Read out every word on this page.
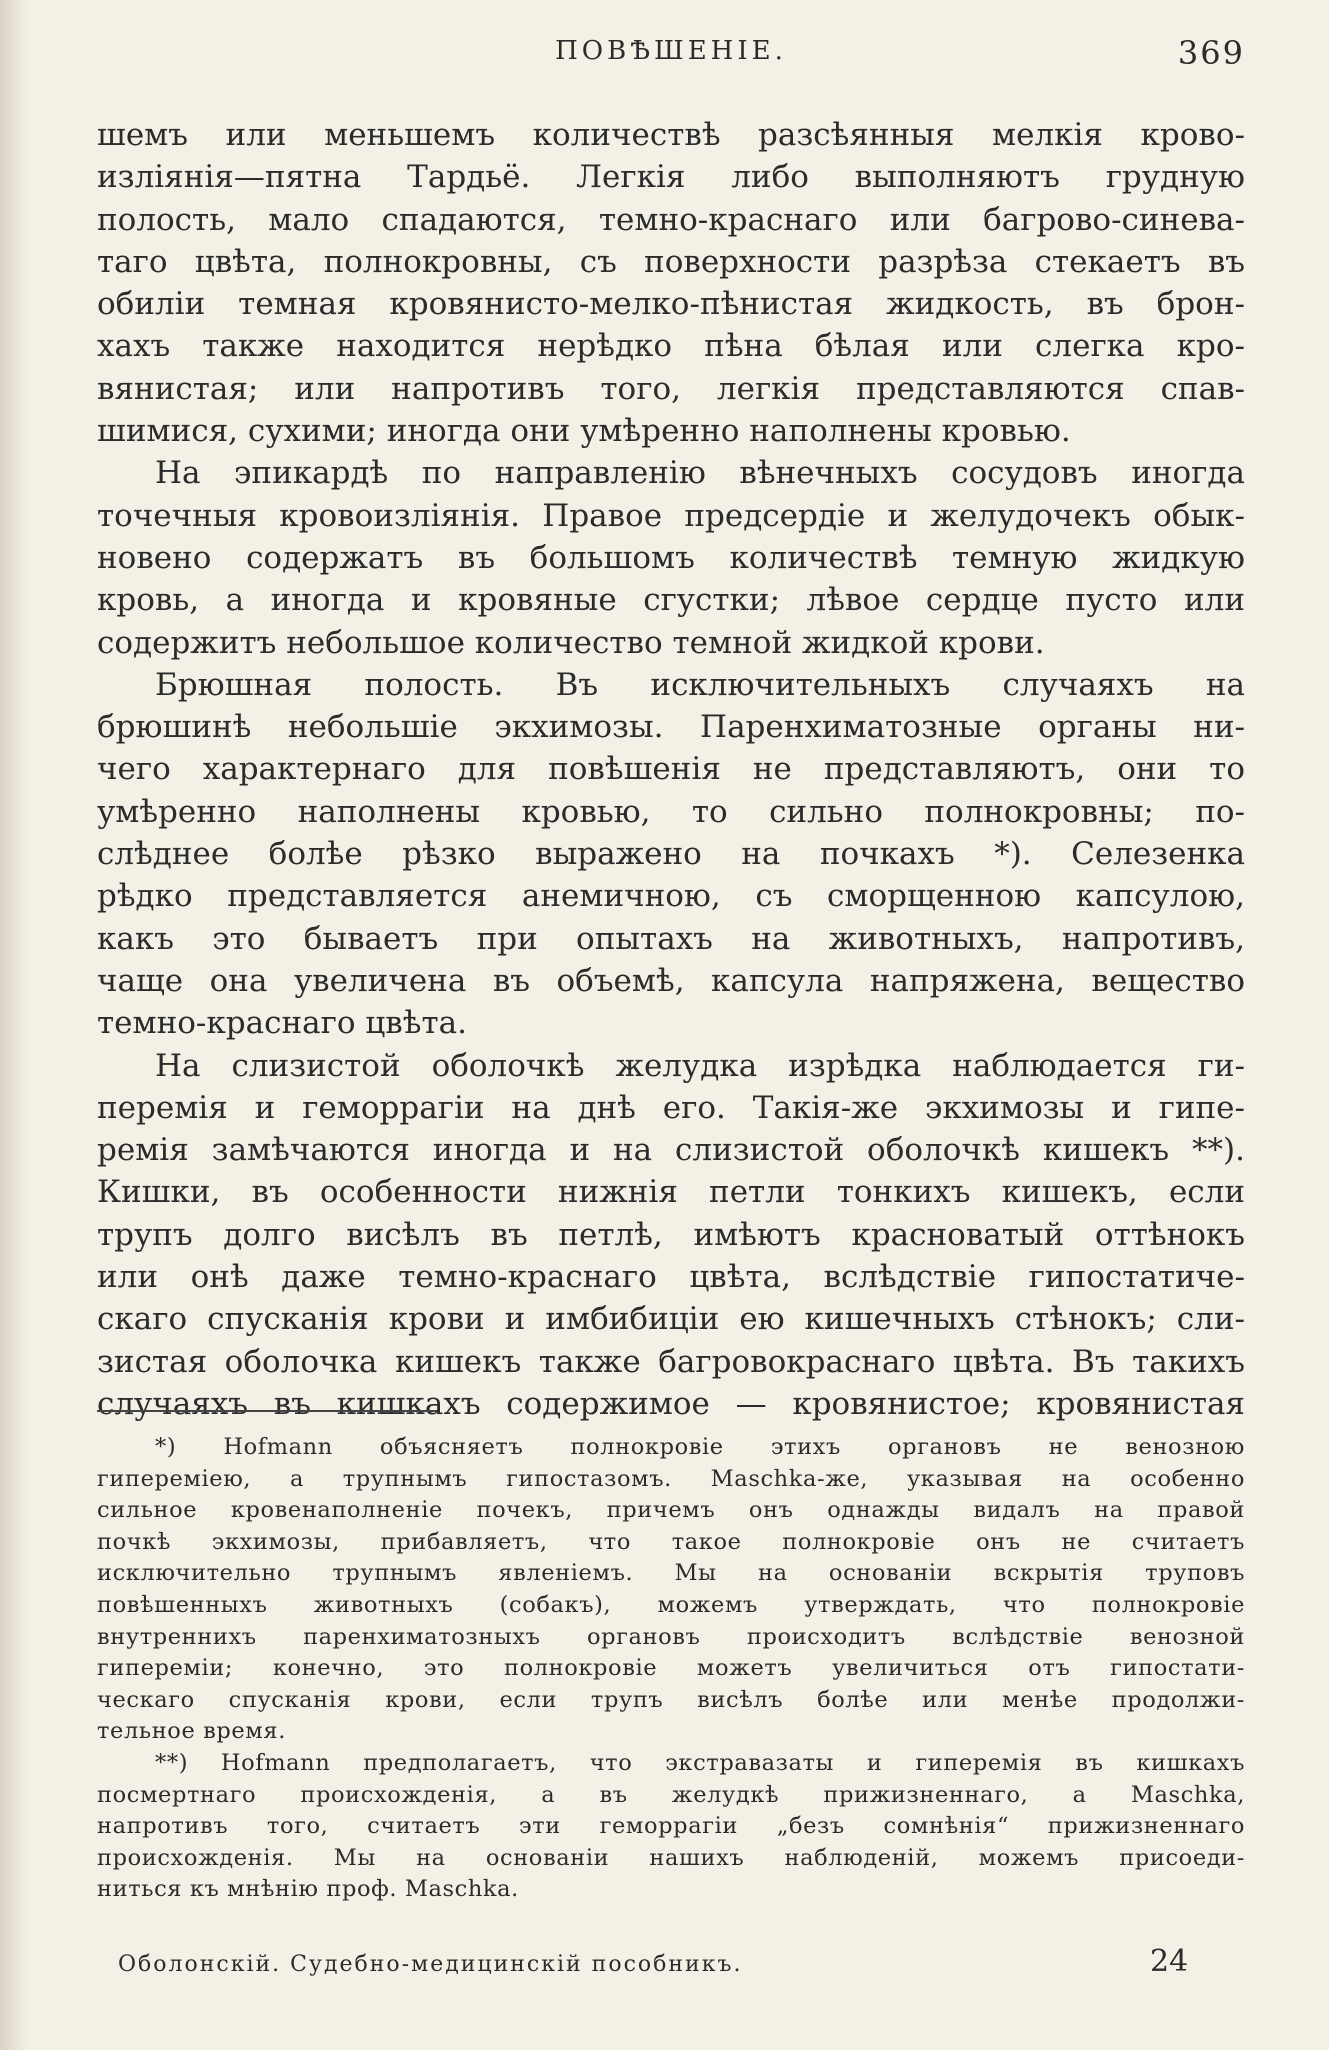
ПОВѢШЕНІЕ.	369
шемъ или меньшемъ количествѣ разсѣянныя мелкія крово-
изліянія—пятна Тардьё. Легкія либо выполняютъ грудную
полость, мало спадаются, темно-краснаго или багрово-синева-
таго цвѣта, полнокровны, съ поверхности разрѣза стекаетъ въ
обиліи темная кровянисто-мелко-пѣнистая жидкость, въ брон-
хахъ также находится нерѣдко пѣна бѣлая или слегка кро-
вянистая; или напротивъ того, легкія представляются спав-
шимися, сухими; иногда они умѣренно наполнены кровью.
На эпикардѣ по направленію вѣнечныхъ сосудовъ иногда
точечныя кровоизліянія. Правое предсердіе и желудочекъ обык-
новено содержатъ въ большомъ количествѣ темную жидкую
кровь, а иногда и кровяные сгустки; лѣвое сердце пусто или
содержитъ небольшое количество темной жидкой крови.
Брюшная полость. Въ исключительныхъ случаяхъ на
брюшинѣ небольшіе экхимозы. Паренхиматозные органы ни-
чего характернаго для повѣшенія не представляютъ, они то
умѣренно наполнены кровью, то сильно полнокровны; по-
слѣднее болѣе рѣзко выражено на почкахъ *). Селезенка
рѣдко представляется анемичною, съ сморщенною капсулою,
какъ это бываетъ при опытахъ на животныхъ, напротивъ,
чаще она увеличена въ объемѣ, капсула напряжена, вещество
темно-краснаго цвѣта.
На слизистой оболочкѣ желудка изрѣдка наблюдается ги-
перемія и геморрагіи на днѣ его. Такія-же экхимозы и гипе-
ремія замѣчаются иногда и на слизистой оболочкѣ кишекъ **).
Кишки, въ особенности нижнія петли тонкихъ кишекъ, если
трупъ долго висѣлъ въ петлѣ, имѣютъ красноватый оттѣнокъ
или онѣ даже темно-краснаго цвѣта, вслѣдствіе гипостатиче-
скаго спусканія крови и имбибиціи ею кишечныхъ стѣнокъ; сли-
зистая оболочка кишекъ также багровокраснаго цвѣта. Въ такихъ
случаяхъ въ кишкахъ содержимое — кровянистое; кровянистая
*) Hofmann объясняетъ полнокровіе этихъ органовъ не венозною
гипереміею, а трупнымъ гипостазомъ. Maschka-же, указывая на особенно
сильное кровенаполненіе почекъ, причемъ онъ однажды видалъ на правой
почкѣ экхимозы, прибавляетъ, что такое полнокровіе онъ не считаетъ
исключительно трупнымъ явленіемъ. Мы на основаніи вскрытія труповъ
повѣшенныхъ животныхъ (собакъ), можемъ утверждать, что полнокровіе
внутреннихъ паренхиматозныхъ органовъ происходитъ вслѣдствіе венозной
гипереміи; конечно, это полнокровіе можетъ увеличиться отъ гипостати-
ческаго спусканія крови, если трупъ висѣлъ болѣе или менѣе продолжи-
тельное время.
**) Hofmann предполагаетъ, что экстравазаты и гиперемія въ кишкахъ
посмертнаго происхожденія, а въ желудкѣ прижизненнаго, а Maschka,
напротивъ того, считаетъ эти геморрагіи „безъ сомнѣнія“ прижизненнаго
происхожденія. Мы на основаніи нашихъ наблюденій, можемъ присоеди-
ниться къ мнѣнію проф. Maschka.
Оболонскій. Судебно-медицинскій пособникъ.	24
